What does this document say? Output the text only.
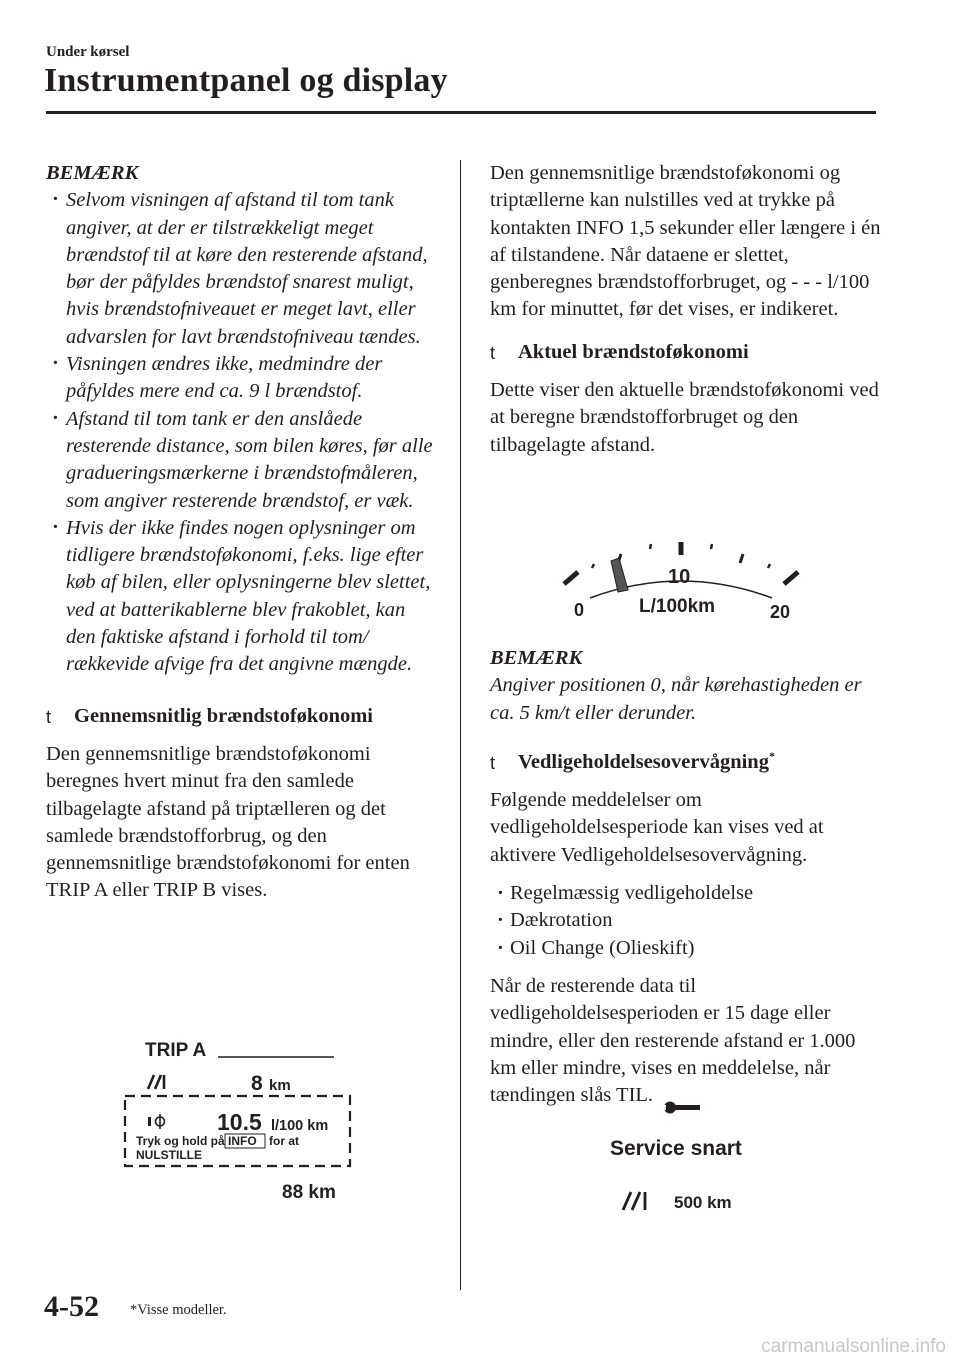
Under kørsel
Instrumentpanel og display

BEMÆRK

· Selvom visningen af afstand til tom tank angiver, at der er tilstrækkeligt meget brændstof til at køre den resterende afstand, bør der påfyldes brændstof snarest muligt, hvis brændstofniveauet er meget lavt, eller advarslen for lavt brændstofniveau tændes.

· Visningen ændres ikke, medmindre der påfyldes mere end ca. 9 l brændstof.

· Afstand til tom tank er den anslåede resterende distance, som bilen køres, før alle gradueringsmærkerne i brændstofmåleren, som angiver resterende brændstof, er væk.

· Hvis der ikke findes nogen oplysninger om tidligere brændstoføkonomi, f.eks. lige efter køb af bilen, eller oplysningerne blev slettet, ved at batterikablerne blev frakoblet, kan den faktiske afstand i forhold til tom/ rækkevide afvige fra det angivne mængde.

t Gennemsnitlig brændstoføkonomi

Den gennemsnitlige brændstoføkonomi beregnes hvert minut fra den samlede tilbagelagte afstand på triptælleren og det samlede brændstofforbrug, og den gennemsnitlige brændstoføkonomi for enten TRIP A eller TRIP B vises.

TRIP A
8 km
10.5 l/100 km
Tryk og hold på INFO for at
NULSTILLE
88 km

Den gennemsnitlige brændstoføkonomi og triptællerne kan nulstilles ved at trykke på kontakten INFO 1,5 sekunder eller længere i én af tilstandene. Når dataene er slettet, genberegnes brændstofforbruget, og - - - l/100 km for minuttet, før det vises, er indikeret.

t Aktuel brændstoføkonomi

Dette viser den aktuelle brændstoføkonomi ved at beregne brændstofforbruget og den tilbagelagte afstand.

0
10
20
L/100km

BEMÆRK

Angiver positionen 0, når kørehastigheden er ca. 5 km/t eller derunder.

t Vedligeholdelsesovervågning*

Følgende meddelelser om vedligeholdelsesperiode kan vises ved at aktivere Vedligeholdelsesovervågning.

· Regelmæssig vedligeholdelse

· Dækrotation

· Oil Change (Olieskift)

Når de resterende data til vedligeholdelsesperioden er 15 dage eller mindre, eller den resterende afstand er 1.000 km eller mindre, vises en meddelelse, når tændingen slås TIL.

Service snart
500 km
4-52 *Visse modeller.
carmanualsonline.info
